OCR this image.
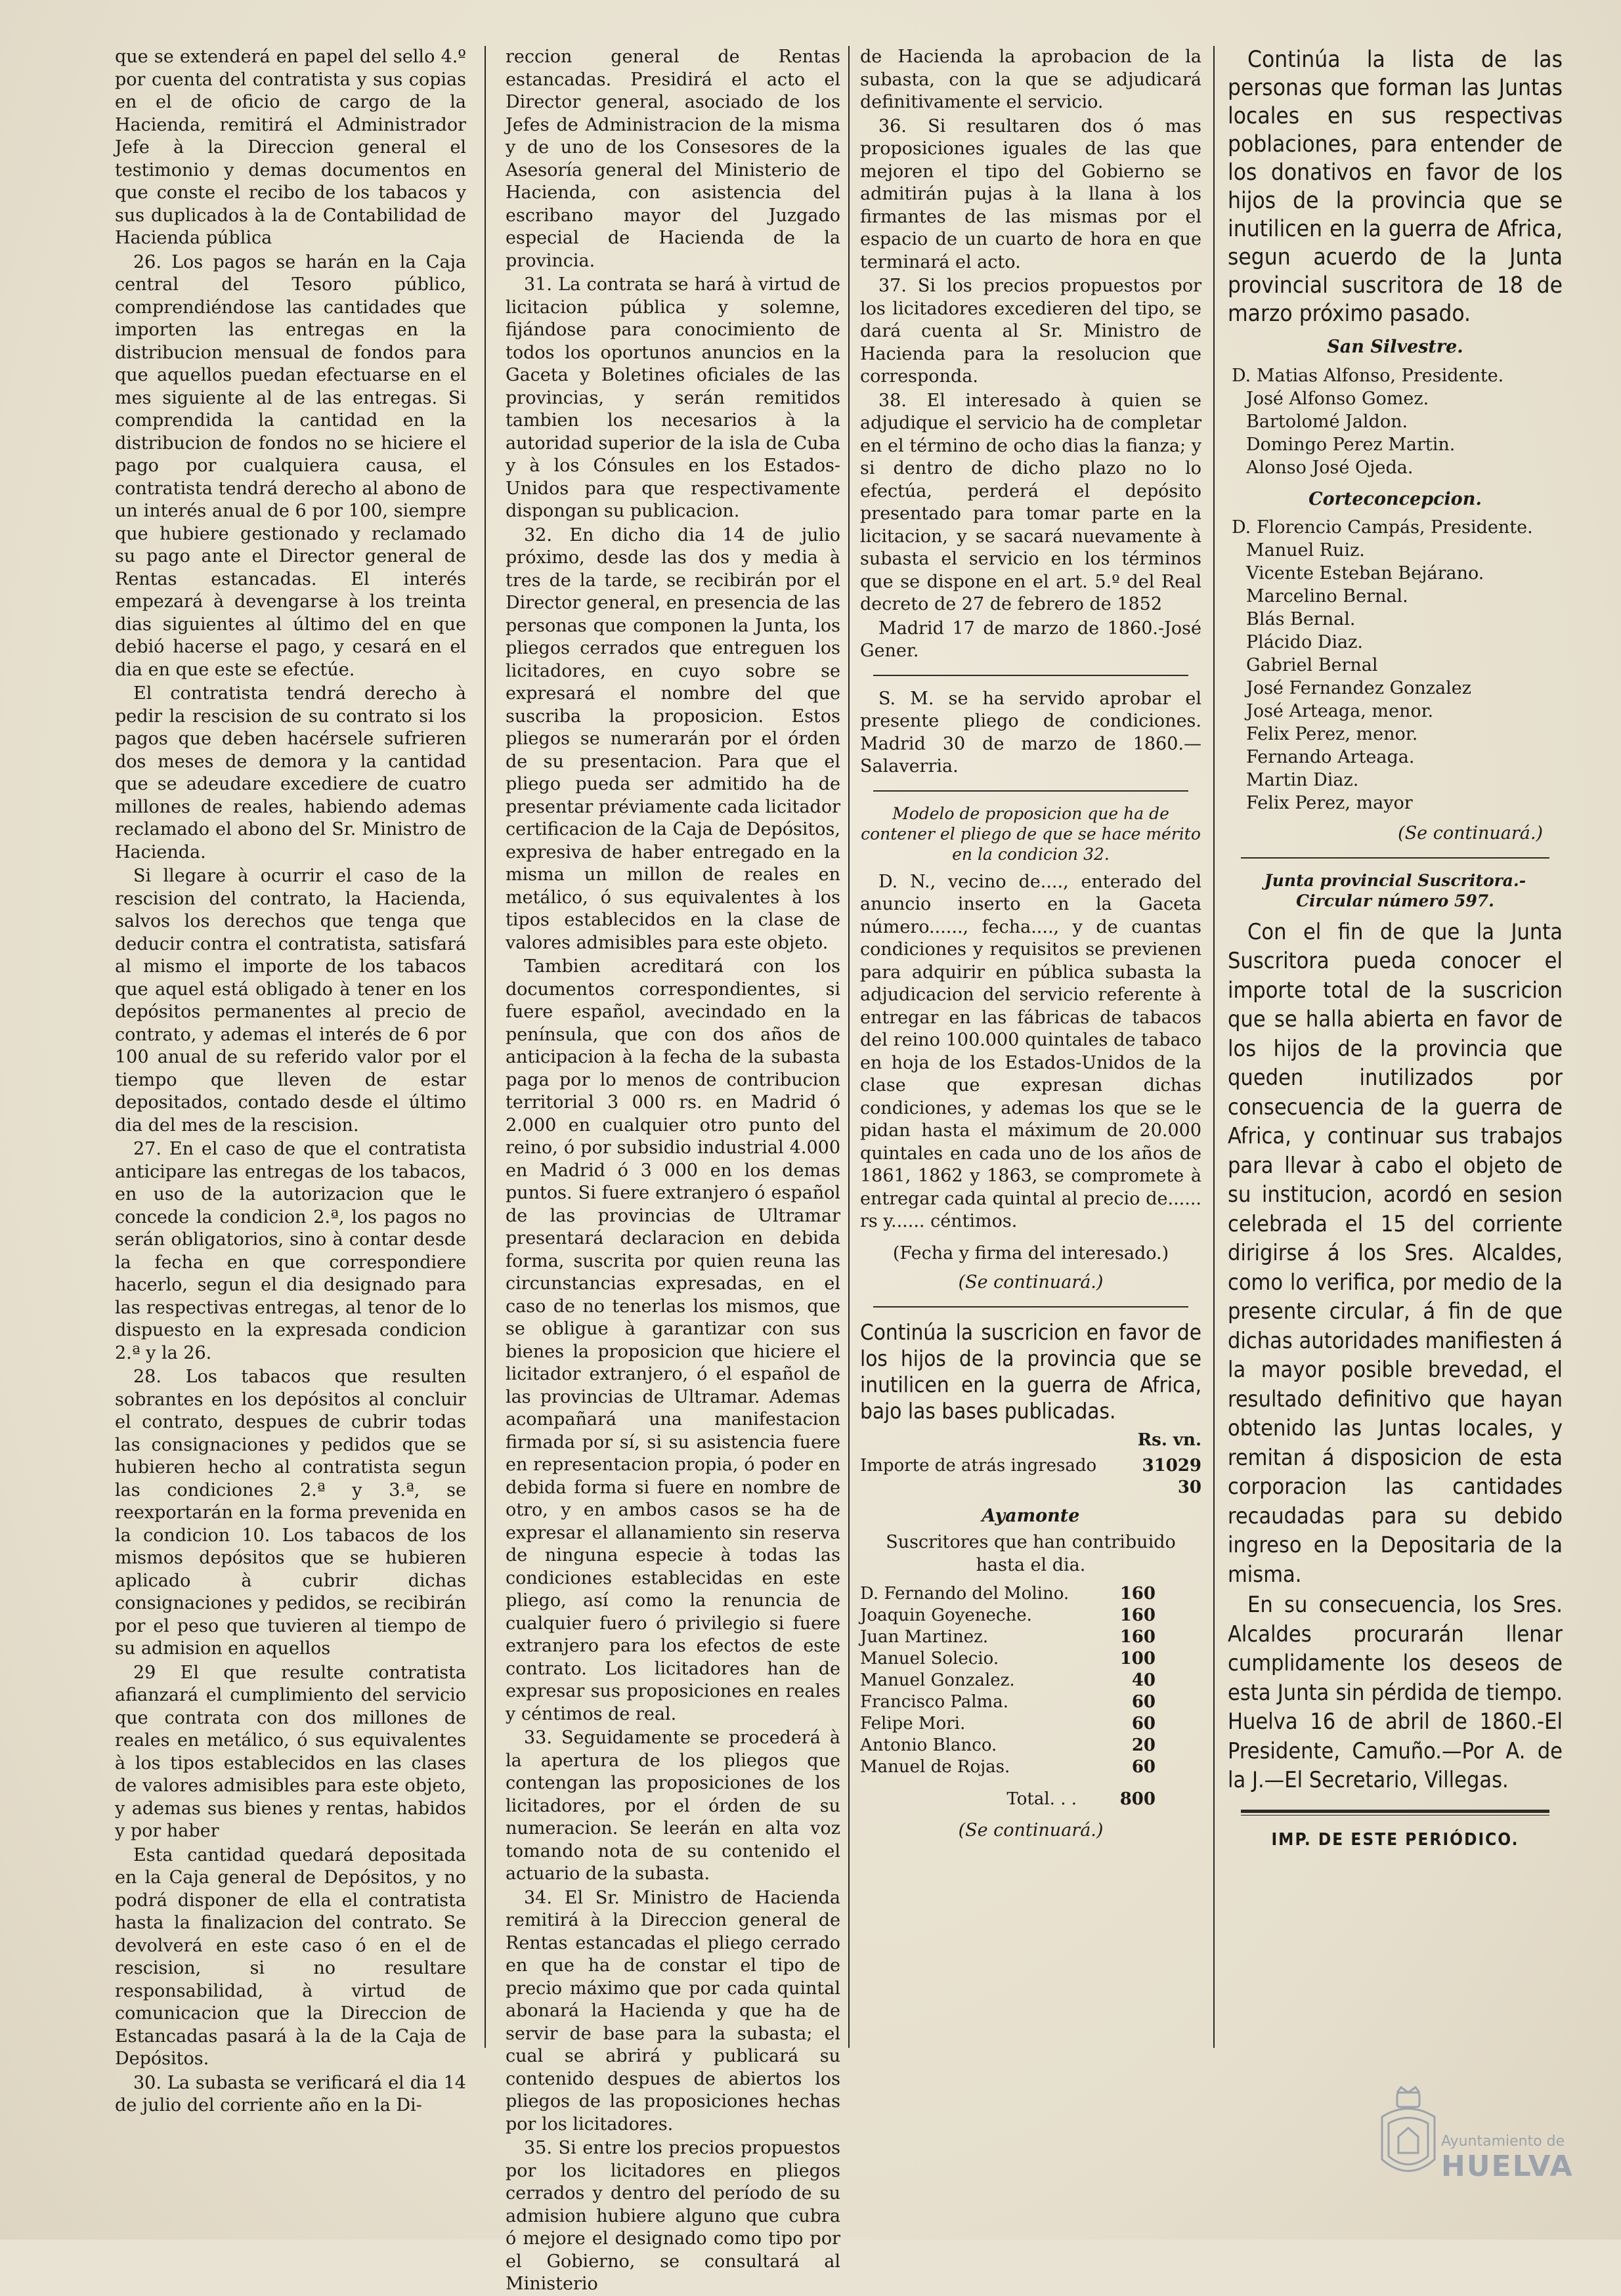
que se extenderá en papel del sello 4.º por cuenta del contratista y sus copias en el de oficio de cargo de la Hacienda, remitirá el Administrador Jefe à la Direccion general el testimonio y demas documentos en que conste el recibo de los tabacos y sus duplicados à la de Contabilidad de Hacienda pública

26. Los pagos se harán en la Caja central del Tesoro público, comprendiéndose las cantidades que importen las entregas en la distribucion mensual de fondos para que aquellos puedan efectuarse en el mes siguiente al de las entregas. Si comprendida la cantidad en la distribucion de fondos no se hiciere el pago por cualquiera causa, el contratista tendrá derecho al abono de un interés anual de 6 por 100, siempre que hubiere gestionado y reclamado su pago ante el Director general de Rentas estancadas. El interés empezará à devengarse à los treinta dias siguientes al último del en que debió hacerse el pago, y cesará en el dia en que este se efectúe.

El contratista tendrá derecho à pedir la rescision de su contrato si los pagos que deben hacérsele sufrieren dos meses de demora y la cantidad que se adeudare excediere de cuatro millones de reales, habiendo ademas reclamado el abono del Sr. Ministro de Hacienda.

Si llegare à ocurrir el caso de la rescision del contrato, la Hacienda, salvos los derechos que tenga que deducir contra el contratista, satisfará al mismo el importe de los tabacos que aquel está obligado à tener en los depósitos permanentes al precio de contrato, y ademas el interés de 6 por 100 anual de su referido valor por el tiempo que lleven de estar depositados, contado desde el último dia del mes de la rescision.

27. En el caso de que el contratista anticipare las entregas de los tabacos, en uso de la autorizacion que le concede la condicion 2.ª, los pagos no serán obligatorios, sino à contar desde la fecha en que correspondiere hacerlo, segun el dia designado para las respectivas entregas, al tenor de lo dispuesto en la expresada condicion 2.ª y la 26.

28. Los tabacos que resulten sobrantes en los depósitos al concluir el contrato, despues de cubrir todas las consignaciones y pedidos que se hubieren hecho al contratista segun las condiciones 2.ª y 3.ª, se reexportarán en la forma prevenida en la condicion 10. Los tabacos de los mismos depósitos que se hubieren aplicado à cubrir dichas consignaciones y pedidos, se recibirán por el peso que tuvieren al tiempo de su admision en aquellos

29 El que resulte contratista afianzará el cumplimiento del servicio que contrata con dos millones de reales en metálico, ó sus equivalentes à los tipos establecidos en las clases de valores admisibles para este objeto, y ademas sus bienes y rentas, habidos y por haber

Esta cantidad quedará depositada en la Caja general de Depósitos, y no podrá disponer de ella el contratista hasta la finalizacion del contrato. Se devolverá en este caso ó en el de rescision, si no resultare responsabilidad, à virtud de comunicacion que la Direccion de Estancadas pasará à la de la Caja de Depósitos.

30. La subasta se verificará el dia 14 de julio del corriente año en la Di-

reccion general de Rentas estancadas. Presidirá el acto el Director general, asociado de los Jefes de Administracion de la misma y de uno de los Consesores de la Asesoría general del Ministerio de Hacienda, con asistencia del escribano mayor del Juzgado especial de Hacienda de la provincia.

31. La contrata se hará à virtud de licitacion pública y solemne, fijándose para conocimiento de todos los oportunos anuncios en la Gaceta y Boletines oficiales de las provincias, y serán remitidos tambien los necesarios à la autoridad superior de la isla de Cuba y à los Cónsules en los Estados-Unidos para que respectivamente dispongan su publicacion.

32. En dicho dia 14 de julio próximo, desde las dos y media à tres de la tarde, se recibirán por el Director general, en presencia de las personas que componen la Junta, los pliegos cerrados que entreguen los licitadores, en cuyo sobre se expresará el nombre del que suscriba la proposicion. Estos pliegos se numerarán por el órden de su presentacion. Para que el pliego pueda ser admitido ha de presentar préviamente cada licitador certificacion de la Caja de Depósitos, expresiva de haber entregado en la misma un millon de reales en metálico, ó sus equivalentes à los tipos establecidos en la clase de valores admisibles para este objeto.

Tambien acreditará con los documentos correspondientes, si fuere español, avecindado en la península, que con dos años de anticipacion à la fecha de la subasta paga por lo menos de contribucion territorial 3 000 rs. en Madrid ó 2.000 en cualquier otro punto del reino, ó por subsidio industrial 4.000 en Madrid ó 3 000 en los demas puntos. Si fuere extranjero ó español de las provincias de Ultramar presentará declaracion en debida forma, suscrita por quien reuna las circunstancias expresadas, en el caso de no tenerlas los mismos, que se obligue à garantizar con sus bienes la proposicion que hiciere el licitador extranjero, ó el español de las provincias de Ultramar. Ademas acompañará una manifestacion firmada por sí, si su asistencia fuere en representacion propia, ó poder en debida forma si fuere en nombre de otro, y en ambos casos se ha de expresar el allanamiento sin reserva de ninguna especie à todas las condiciones establecidas en este pliego, así como la renuncia de cualquier fuero ó privilegio si fuere extranjero para los efectos de este contrato. Los licitadores han de expresar sus proposiciones en reales y céntimos de real.

33. Seguidamente se procederá à la apertura de los pliegos que contengan las proposiciones de los licitadores, por el órden de su numeracion. Se leerán en alta voz tomando nota de su contenido el actuario de la subasta.

34. El Sr. Ministro de Hacienda remitirá à la Direccion general de Rentas estancadas el pliego cerrado en que ha de constar el tipo de precio máximo que por cada quintal abonará la Hacienda y que ha de servir de base para la subasta; el cual se abrirá y publicará su contenido despues de abiertos los pliegos de las proposiciones hechas por los licitadores.

35. Si entre los precios propuestos por los licitadores en pliegos cerrados y dentro del período de su admision hubiere alguno que cubra ó mejore el designado como tipo por el Gobierno, se consultará al Ministerio

de Hacienda la aprobacion de la subasta, con la que se adjudicará definitivamente el servicio.

36. Si resultaren dos ó mas proposiciones iguales de las que mejoren el tipo del Gobierno se admitirán pujas à la llana à los firmantes de las mismas por el espacio de un cuarto de hora en que terminará el acto.

37. Si los precios propuestos por los licitadores excedieren del tipo, se dará cuenta al Sr. Ministro de Hacienda para la resolucion que corresponda.

38. El interesado à quien se adjudique el servicio ha de completar en el término de ocho dias la fianza; y si dentro de dicho plazo no lo efectúa, perderá el depósito presentado para tomar parte en la licitacion, y se sacará nuevamente à subasta el servicio en los términos que se dispone en el art. 5.º del Real decreto de 27 de febrero de 1852

Madrid 17 de marzo de 1860.-José Gener.

S. M. se ha servido aprobar el presente pliego de condiciones. Madrid 30 de marzo de 1860.— Salaverria.

Modelo de proposicion que ha de contener el pliego de que se hace mérito en la condicion 32.

D. N., vecino de...., enterado del anuncio inserto en la Gaceta número......, fecha...., y de cuantas condiciones y requisitos se previenen para adquirir en pública subasta la adjudicacion del servicio referente à entregar en las fábricas de tabacos del reino 100.000 quintales de tabaco en hoja de los Estados-Unidos de la clase que expresan dichas condiciones, y ademas los que se le pidan hasta el máximum de 20.000 quintales en cada uno de los años de 1861, 1862 y 1863, se compromete à entregar cada quintal al precio de...... rs y...... céntimos.

(Fecha y firma del interesado.)

(Se continuará.)

Continúa la suscricion en favor de los hijos de la provincia que se inutilicen en la guerra de Africa, bajo las bases publicadas.

Rs. vn.
Importe de atrás ingresado	31029 30

Ayamonte

Suscritores que han contribuido hasta el dia.

D. Fernando del Molino.	160
Joaquin Goyeneche.	160
Juan Martinez.	160
Manuel Solecio.	100
Manuel Gonzalez.	40
Francisco Palma.	60
Felipe Mori.	60
Antonio Blanco.	20
Manuel de Rojas.	60
Total. . .	800

(Se continuará.)

Continúa la lista de las personas que forman las Juntas locales en sus respectivas poblaciones, para entender de los donativos en favor de los hijos de la provincia que se inutilicen en la guerra de Africa, segun acuerdo de la Junta provincial suscritora de 18 de marzo próximo pasado.

San Silvestre.

D. Matias Alfonso, Presidente.
José Alfonso Gomez.
Bartolomé Jaldon.
Domingo Perez Martin.
Alonso José Ojeda.

Corteconcepcion.

D. Florencio Campás, Presidente.
Manuel Ruiz.
Vicente Esteban Bejárano.
Marcelino Bernal.
Blás Bernal.
Plácido Diaz.
Gabriel Bernal
José Fernandez Gonzalez
José Arteaga, menor.
Felix Perez, menor.
Fernando Arteaga.
Martin Diaz.
Felix Perez, mayor

(Se continuará.)

Junta provincial Suscritora.-Circular número 597.

Con el fin de que la Junta Suscritora pueda conocer el importe total de la suscricion que se halla abierta en favor de los hijos de la provincia que queden inutilizados por consecuencia de la guerra de Africa, y continuar sus trabajos para llevar à cabo el objeto de su institucion, acordó en sesion celebrada el 15 del corriente dirigirse á los Sres. Alcaldes, como lo verifica, por medio de la presente circular, á fin de que dichas autoridades manifiesten á la mayor posible brevedad, el resultado definitivo que hayan obtenido las Juntas locales, y remitan á disposicion de esta corporacion las cantidades recaudadas para su debido ingreso en la Depositaria de la misma.

En su consecuencia, los Sres. Alcaldes procurarán llenar cumplidamente los deseos de esta Junta sin pérdida de tiempo. Huelva 16 de abril de 1860.-El Presidente, Camuño.—Por A. de la J.—El Secretario, Villegas.

IMP. DE ESTE PERIÓDICO.
Ayuntamiento de
HUELVA
